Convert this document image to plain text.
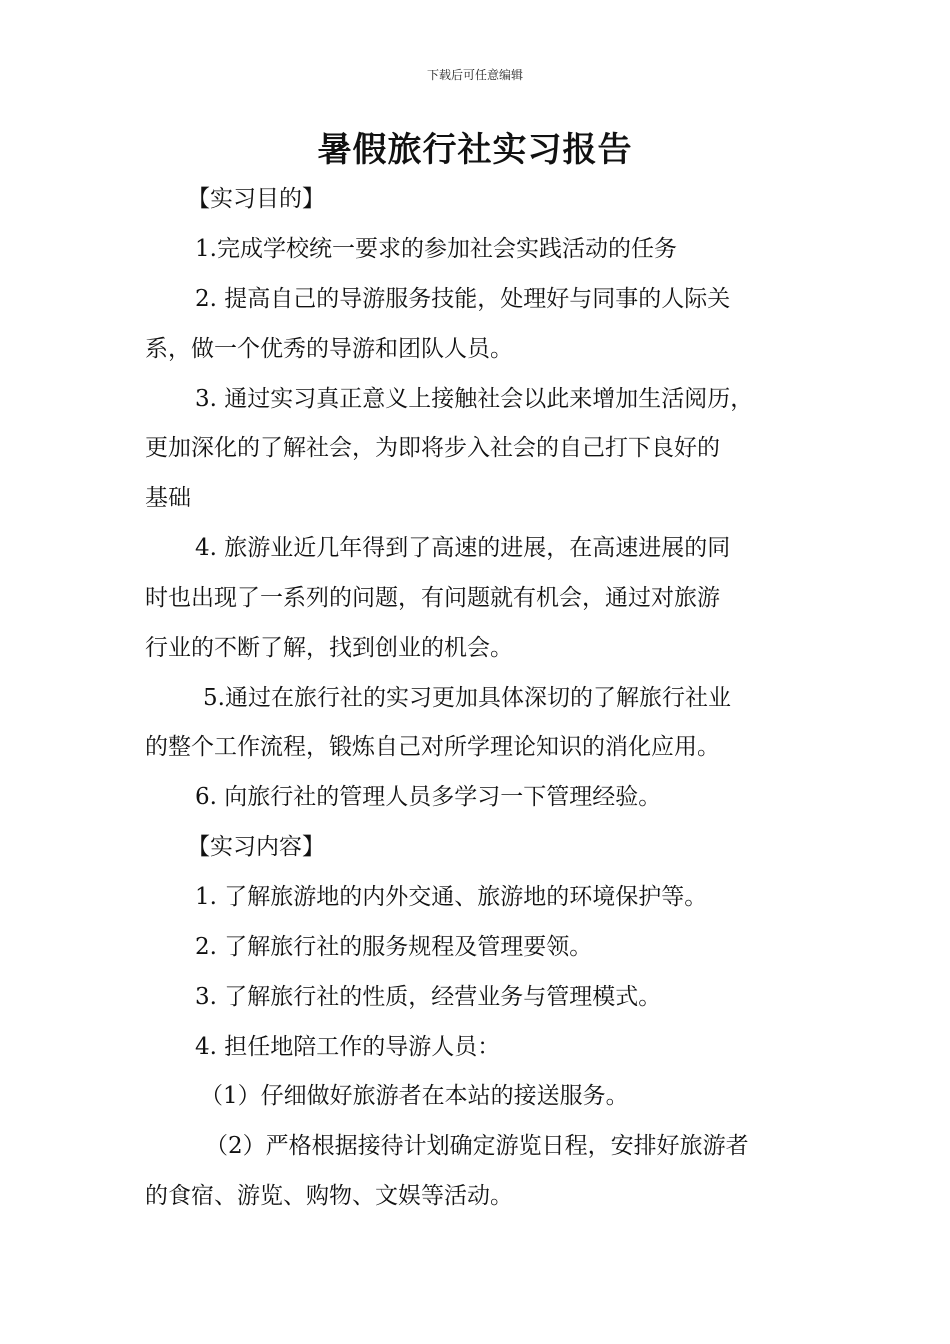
下载后可任意编辑
暑假旅行社实习报告
【实习目的】
1.完成学校统一要求的参加社会实践活动的任务
2. 提高自己的导游服务技能，处理好与同事的人际关
系，做一个优秀的导游和团队人员。
3. 通过实习真正意义上接触社会以此来增加生活阅历，
更加深化的了解社会，为即将步入社会的自己打下良好的
基础
4. 旅游业近几年得到了高速的进展，在高速进展的同
时也出现了一系列的问题，有问题就有机会，通过对旅游
行业的不断了解，找到创业的机会。
5.通过在旅行社的实习更加具体深切的了解旅行社业
的整个工作流程，锻炼自己对所学理论知识的消化应用。
6. 向旅行社的管理人员多学习一下管理经验。
【实习内容】
1. 了解旅游地的内外交通、旅游地的环境保护等。
2. 了解旅行社的服务规程及管理要领。
3. 了解旅行社的性质，经营业务与管理模式。
4. 担任地陪工作的导游人员：
（1）仔细做好旅游者在本站的接送服务。
（2）严格根据接待计划确定游览日程，安排好旅游者
的食宿、游览、购物、文娱等活动。
